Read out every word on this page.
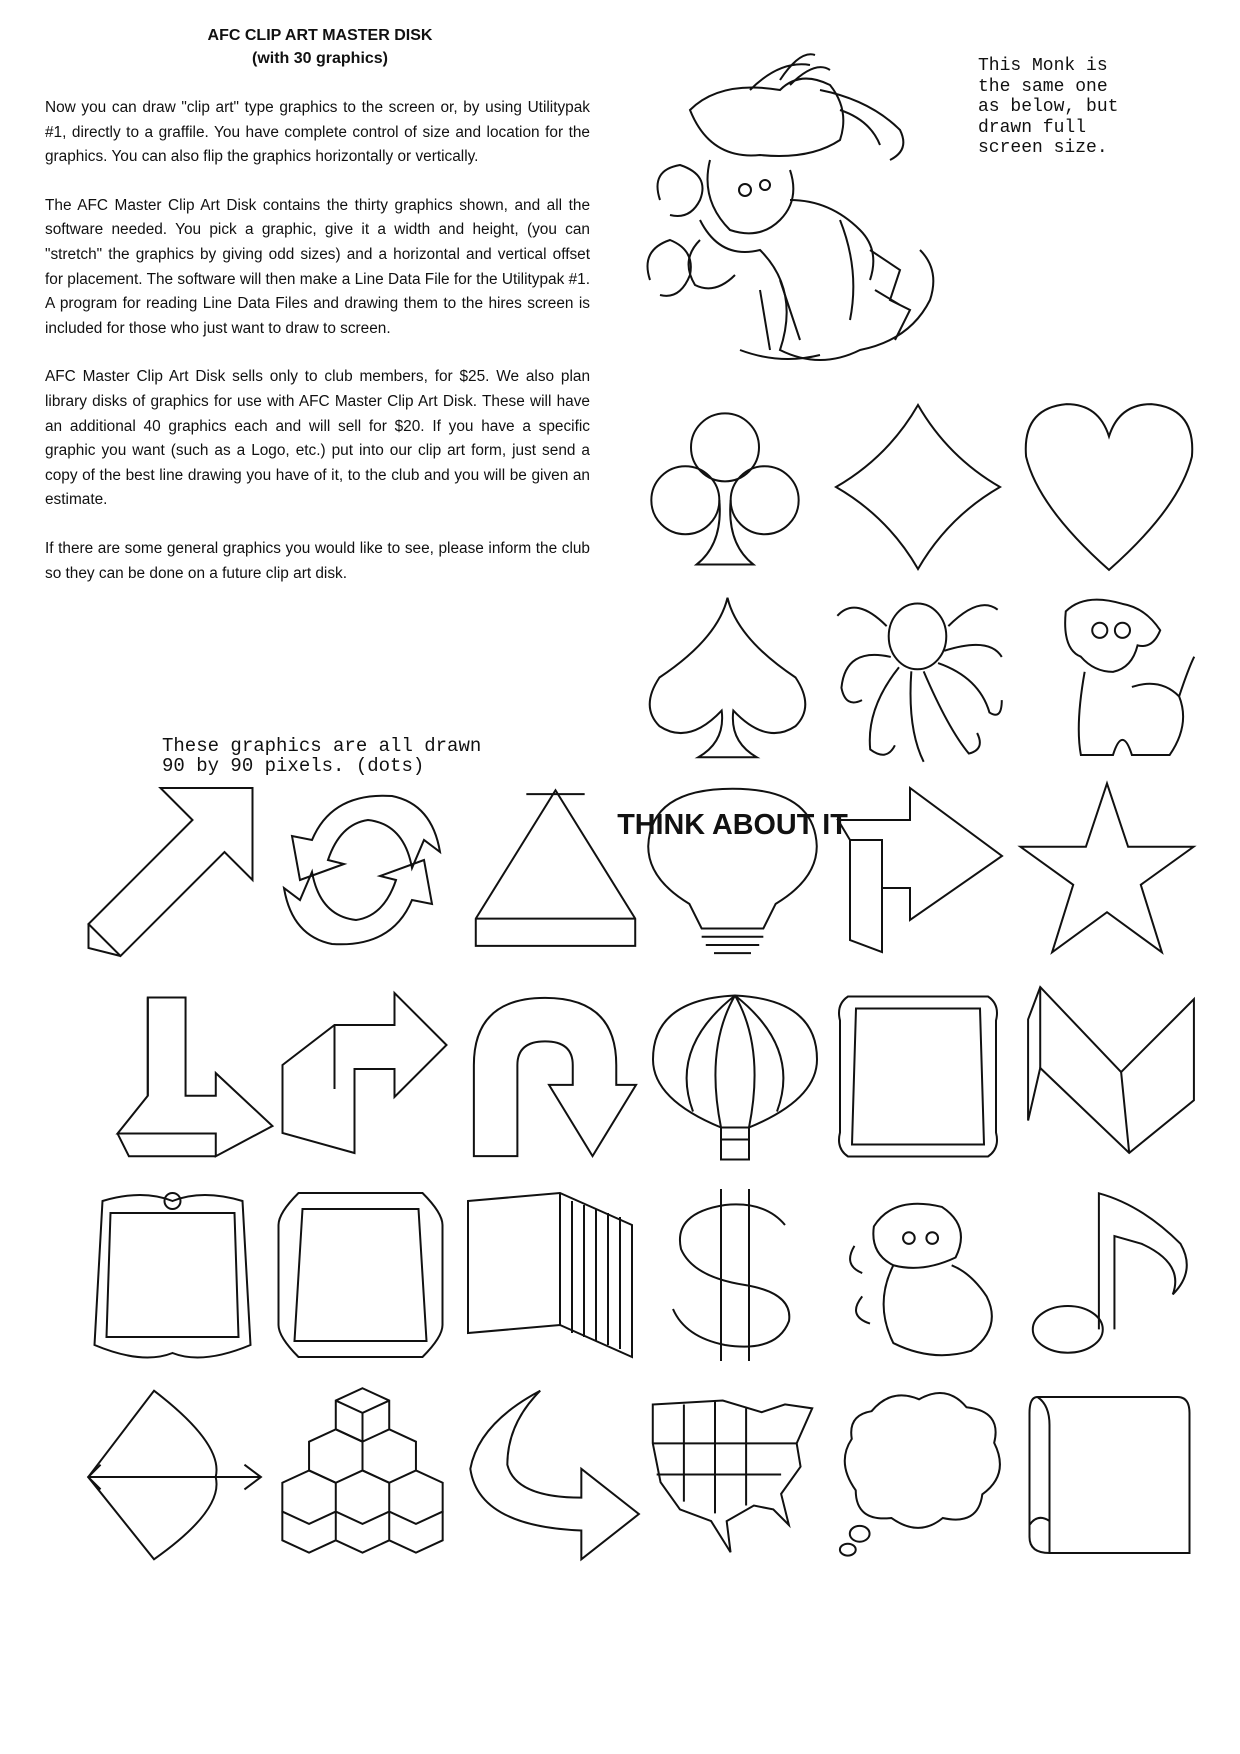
AFC CLIP ART MASTER DISK
(with 30 graphics)

Now you can draw "clip art" type graphics to the screen or, by using Utilitypak #1, directly to a graffile. You have complete control of size and location for the graphics. You can also flip the graphics horizontally or vertically.

The AFC Master Clip Art Disk contains the thirty graphics shown, and all the software needed. You pick a graphic, give it a width and height, (you can "stretch" the graphics by giving odd sizes) and a horizontal and vertical offset for placement. The software will then make a Line Data File for the Utilitypak #1. A program for reading Line Data Files and drawing them to the hires screen is included for those who just want to draw to screen.

AFC Master Clip Art Disk sells only to club members, for $25. We also plan library disks of graphics for use with AFC Master Clip Art Disk. These will have an additional 40 graphics each and will sell for $20. If you have a specific graphic you want (such as a Logo, etc.) put into our clip art form, just send a copy of the best line drawing you have of it, to the club and you will be given an estimate.

If there are some general graphics you would like to see, please inform the club so they can be done on a future clip art disk.

This Monk is
the same one
as below, but
drawn full
screen size.
These graphics are all drawn
90 by 90 pixels. (dots)
THINK ABOUT IT
